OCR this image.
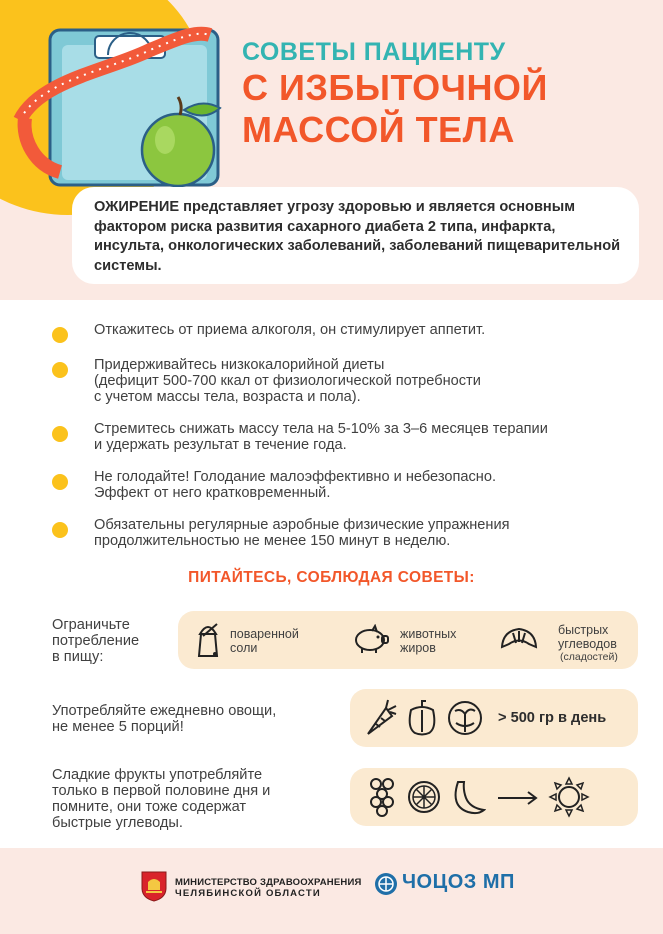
СОВЕТЫ ПАЦИЕНТУ
С ИЗБЫТОЧНОЙ
МАССОЙ ТЕЛА
ОЖИРЕНИЕ представляет угрозу здоровью и является основным фактором риска развития сахарного диабета 2 типа, инфаркта, инсульта, онкологических заболеваний, заболеваний пищеварительной системы.
Откажитесь от приема алкоголя, он стимулирует аппетит.
Придерживайтесь низкокалорийной диеты
(дефицит 500-700 ккал от физиологической потребности
с учетом массы тела, возраста и пола).
Стремитесь снижать массу тела на 5-10% за 3–6 месяцев терапии
и удержать результат в течение года.
Не голодайте! Голодание малоэффективно и небезопасно.
Эффект от него кратковременный.
Обязательны регулярные аэробные физические упражнения
продолжительностью не менее 150 минут в неделю.
ПИТАЙТЕСЬ, СОБЛЮДАЯ СОВЕТЫ:
Ограничьте
потребление
в пищу:
поваренной
соли
животных
жиров
быстрых
углеводов
(сладостей)
Употребляйте ежедневно овощи,
не менее 5 порций!
> 500 гр в день
Сладкие фрукты употребляйте
только в первой половине дня и
помните, они тоже содержат
быстрые углеводы.
МИНИСТЕРСТВО ЗДРАВООХРАНЕНИЯ
ЧЕЛЯБИНСКОЙ ОБЛАСТИ
ЧОЦОЗ МП
